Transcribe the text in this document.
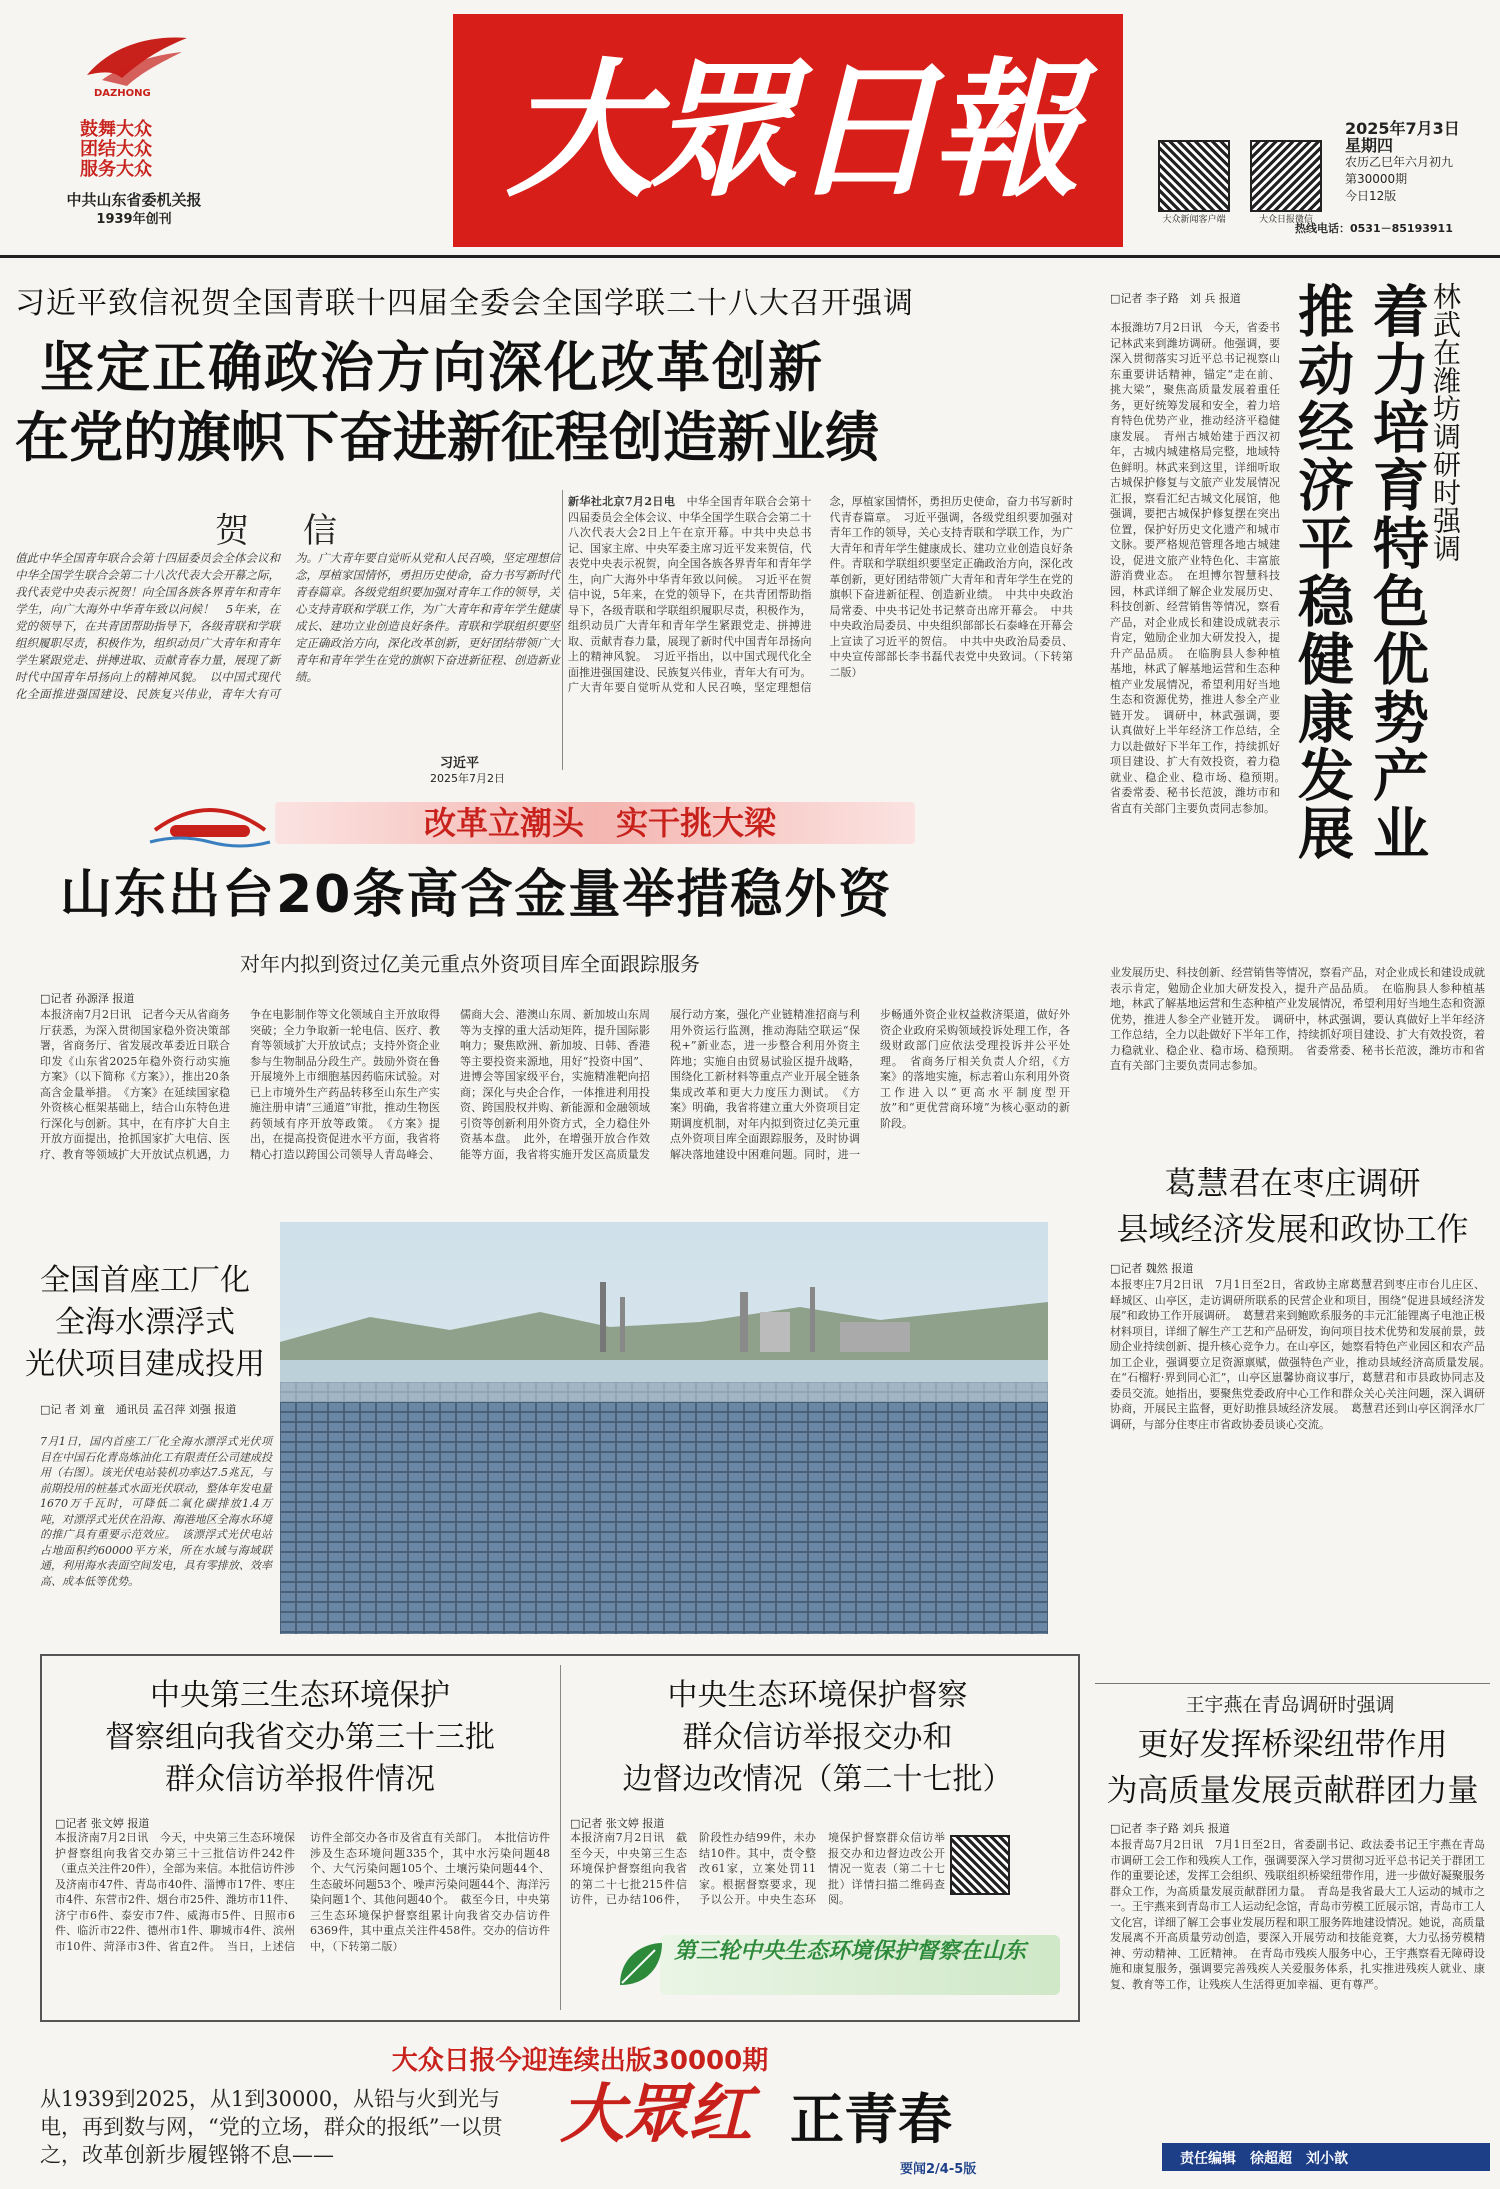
DAZHONG
鼓舞大众
团结大众
服务大众
中共山东省委机关报
1939年创刊
大眾日報
大众新闻客户端	大众日报微信
2025年7月3日
星期四
农历乙巳年六月初九
第30000期
今日12版
热线电话：0531－85193911
习近平致信祝贺全国青联十四届全委会全国学联二十八大召开强调
坚定正确政治方向深化改革创新
在党的旗帜下奋进新征程创造新业绩
贺　信
值此中华全国青年联合会第十四届委员会全体会议和中华全国学生联合会第二十八次代表大会开幕之际，我代表党中央表示祝贺！向全国各族各界青年和青年学生，向广大海外中华青年致以问候！　5年来，在党的领导下，在共青团帮助指导下，各级青联和学联组织履职尽责，积极作为，组织动员广大青年和青年学生紧跟党走、拼搏进取、贡献青春力量，展现了新时代中国青年昂扬向上的精神风貌。　以中国式现代化全面推进强国建设、民族复兴伟业，青年大有可为。广大青年要自觉听从党和人民召唤，坚定理想信念，厚植家国情怀，勇担历史使命，奋力书写新时代青春篇章。各级党组织要加强对青年工作的领导，关心支持青联和学联工作，为广大青年和青年学生健康成长、建功立业创造良好条件。青联和学联组织要坚定正确政治方向，深化改革创新，更好团结带领广大青年和青年学生在党的旗帜下奋进新征程、创造新业绩。
习近平
2025年7月2日
新华社北京7月2日电　中华全国青年联合会第十四届委员会全体会议、中华全国学生联合会第二十八次代表大会2日上午在京开幕。中共中央总书记、国家主席、中央军委主席习近平发来贺信，代表党中央表示祝贺，向全国各族各界青年和青年学生，向广大海外中华青年致以问候。　习近平在贺信中说，5年来，在党的领导下，在共青团帮助指导下，各级青联和学联组织履职尽责，积极作为，组织动员广大青年和青年学生紧跟党走、拼搏进取、贡献青春力量，展现了新时代中国青年昂扬向上的精神风貌。　习近平指出，以中国式现代化全面推进强国建设、民族复兴伟业，青年大有可为。广大青年要自觉听从党和人民召唤，坚定理想信念，厚植家国情怀，勇担历史使命，奋力书写新时代青春篇章。　习近平强调，各级党组织要加强对青年工作的领导，关心支持青联和学联工作，为广大青年和青年学生健康成长、建功立业创造良好条件。青联和学联组织要坚定正确政治方向，深化改革创新，更好团结带领广大青年和青年学生在党的旗帜下奋进新征程、创造新业绩。　中共中央政治局常委、中央书记处书记蔡奇出席开幕会。　中共中央政治局委员、中央组织部部长石泰峰在开幕会上宣读了习近平的贺信。　中共中央政治局委员、中央宣传部部长李书磊代表党中央致词。（下转第二版）
改革立潮头　实干挑大梁
山东出台20条高含金量举措稳外资
对年内拟到资过亿美元重点外资项目库全面跟踪服务
□记者 孙源泽 报道
本报济南7月2日讯　记者今天从省商务厅获悉，为深入贯彻国家稳外资决策部署，省商务厅、省发展改革委近日联合印发《山东省2025年稳外资行动实施方案》（以下简称《方案》），推出20条高含金量举措。　《方案》在延续国家稳外资核心框架基础上，结合山东特色进行深化与创新。其中，在有序扩大自主开放方面提出，抢抓国家扩大电信、医疗、教育等领域扩大开放试点机遇，力争在电影制作等文化领域自主开放取得突破；全力争取新一轮电信、医疗、教育等领域扩大开放试点；支持外资企业参与生物制品分段生产。鼓励外资在鲁开展境外上市细胞基因药临床试验。对已上市境外生产药品转移至山东生产实施注册申请“三通道”审批，推动生物医药领域有序开放等政策。　《方案》提出，在提高投资促进水平方面，我省将精心打造以跨国公司领导人青岛峰会、儒商大会、港澳山东周、新加坡山东周等为支撑的重大活动矩阵，提升国际影响力；聚焦欧洲、新加坡、日韩、香港等主要投资来源地，用好“投资中国”、进博会等国家级平台，实施精准靶向招商；深化与央企合作，一体推进利用投资、跨国股权并购、新能源和金融领域引资等创新利用外资方式，全力稳住外资基本盘。　此外，在增强开放合作效能等方面，我省将实施开发区高质量发展行动方案，强化产业链精准招商与利用外资运行监测，推动海陆空联运“保税+”新业态，进一步整合利用外资主阵地；实施自由贸易试验区提升战略，围绕化工新材料等重点产业开展全链条集成改革和更大力度压力测试。　《方案》明确，我省将建立重大外资项目定期调度机制，对年内拟到资过亿美元重点外资项目库全面跟踪服务，及时协调解决落地建设中困难问题。同时，进一步畅通外资企业权益救济渠道，做好外资企业政府采购领域投诉处理工作，各级财政部门应依法受理投诉并公平处理。　省商务厅相关负责人介绍，《方案》的落地实施，标志着山东利用外资工作进入以“更高水平制度型开放”和“更优营商环境”为核心驱动的新阶段。
全国首座工厂化
全海水漂浮式
光伏项目建成投用
□记 者 刘 童　通讯员 孟召萍 刘强 报道
7月1日，国内首座工厂化全海水漂浮式光伏项目在中国石化青岛炼油化工有限责任公司建成投用（右图）。该光伏电站装机功率达7.5兆瓦，与前期投用的桩基式水面光伏联动，整体年发电量1670万千瓦时，可降低二氧化碳排放1.4万吨，对漂浮式光伏在沿海、海港地区全海水环境的推广具有重要示范效应。　该漂浮式光伏电站占地面积约60000平方米，所在水域与海域联通，利用海水表面空间发电，具有零排放、效率高、成本低等优势。
林武在潍坊调研时强调
着力培育特色优势产业
推动经济平稳健康发展
□记者 李子路　刘 兵 报道
本报潍坊7月2日讯　今天，省委书记林武来到潍坊调研。他强调，要深入贯彻落实习近平总书记视察山东重要讲话精神，锚定“走在前、挑大梁”，聚焦高质量发展着重任务，更好统筹发展和安全，着力培育特色优势产业，推动经济平稳健康发展。　青州古城始建于西汉初年，古城内城建格局完整，地域特色鲜明。林武来到这里，详细听取古城保护修复与文旅产业发展情况汇报，察看汇纪古城文化展馆，他强调，要把古城保护修复摆在突出位置，保护好历史文化遗产和城市文脉。要严格规范管理各地古城建设，促进文旅产业特色化、丰富旅游消费业态。　在坦博尔智慧科技园，林武详细了解企业发展历史、科技创新、经营销售等情况，察看产品，对企业成长和建设成就表示肯定，勉励企业加大研发投入，提升产品品质。　在临朐县人参种植基地，林武了解基地运营和生态种植产业发展情况，希望利用好当地生态和资源优势，推进人参全产业链开发。　调研中，林武强调，要认真做好上半年经济工作总结，全力以赴做好下半年工作，持续抓好项目建设、扩大有效投资，着力稳就业、稳企业、稳市场、稳预期。　省委常委、秘书长范波，潍坊市和省直有关部门主要负责同志参加。
业发展历史、科技创新、经营销售等情况，察看产品，对企业成长和建设成就表示肯定，勉励企业加大研发投入，提升产品品质。　在临朐县人参种植基地，林武了解基地运营和生态种植产业发展情况，希望利用好当地生态和资源优势，推进人参全产业链开发。　调研中，林武强调，要认真做好上半年经济工作总结，全力以赴做好下半年工作，持续抓好项目建设、扩大有效投资，着力稳就业、稳企业、稳市场、稳预期。　省委常委、秘书长范波，潍坊市和省直有关部门主要负责同志参加。
葛慧君在枣庄调研
县域经济发展和政协工作
□记者 魏然 报道
本报枣庄7月2日讯　7月1日至2日，省政协主席葛慧君到枣庄市台儿庄区、峄城区、山亭区，走访调研所联系的民营企业和项目，围绕“促进县域经济发展”和政协工作开展调研。　葛慧君来到鲍欧系服务的丰元汇能锂离子电池正极材料项目，详细了解生产工艺和产品研发，询问项目技术优势和发展前景，鼓励企业持续创新、提升核心竞争力。在山亭区，她察看特色产业园区和农产品加工企业，强调要立足资源禀赋，做强特色产业，推动县域经济高质量发展。　在“石榴籽·界到同心汇”，山亭区崽馨协商议事厅，葛慧君和市县政协同志及委员交流。她指出，要聚焦党委政府中心工作和群众关心关注问题，深入调研协商，开展民主监督，更好助推县域经济发展。　葛慧君还到山亭区润泽水厂调研，与部分住枣庄市省政协委员谈心交流。
王宇燕在青岛调研时强调
更好发挥桥梁纽带作用
为高质量发展贡献群团力量
□记者 李子路 刘兵 报道
本报青岛7月2日讯　7月1日至2日，省委副书记、政法委书记王宇燕在青岛市调研工会工作和残疾人工作，强调要深入学习贯彻习近平总书记关于群团工作的重要论述，发挥工会组织、残联组织桥梁纽带作用，进一步做好凝聚服务群众工作，为高质量发展贡献群团力量。　青岛是我省最大工人运动的城市之一。王宇燕来到青岛市工人运动纪念馆，青岛市劳模工匠展示馆，青岛市工人文化宫，详细了解工会事业发展历程和职工服务阵地建设情况。她说，高质量发展离不开高质量劳动创造，要深入开展劳动和技能竞赛，大力弘扬劳模精神、劳动精神、工匠精神。　在青岛市残疾人服务中心，王宇燕察看无障碍设施和康复服务，强调要完善残疾人关爱服务体系，扎实推进残疾人就业、康复、教育等工作，让残疾人生活得更加幸福、更有尊严。
中央第三生态环境保护
督察组向我省交办第三十三批
群众信访举报件情况
□记者 张文婷 报道
本报济南7月2日讯　今天，中央第三生态环境保护督察组向我省交办第三十三批信访件242件（重点关注件20件），全部为来信。本批信访件涉及济南市47件、青岛市40件、淄博市17件、枣庄市4件、东营市2件、烟台市25件、潍坊市11件、济宁市6件、泰安市7件、威海市5件、日照市6件、临沂市22件、德州市1件、聊城市4件、滨州市10件、菏泽市3件、省直2件。　当日，上述信访件全部交办各市及省直有关部门。　本批信访件涉及生态环境问题335个，其中水污染问题48个、大气污染问题105个、土壤污染问题44个、生态破坏问题53个、噪声污染问题44个、海洋污染问题1个、其他问题40个。　截至今日，中央第三生态环境保护督察组累计向我省交办信访件6369件，其中重点关注件458件。交办的信访件中，（下转第二版）
中央生态环境保护督察
群众信访举报交办和
边督边改情况（第二十七批）
□记者 张文婷 报道
本报济南7月2日讯　截至今天，中央第三生态环境保护督察组向我省的第二十七批215件信访件，已办结106件，阶段性办结99件，未办结10件。其中，责令整改61家，立案处罚11家。根据督察要求，现予以公开。中央生态环境保护督察群众信访举报交办和边督边改公开情况一览表（第二十七批）详情扫描二维码查阅。
第三轮中央生态环境保护督察在山东
大众日报今迎连续出版30000期
从1939到2025，从1到30000，从铅与火到光与电，再到数与网，“党的立场，群众的报纸”一以贯之，改革创新步履铿锵不息——
大眾红 正青春
要闻2/4-5版
责任编辑　徐超超　刘小歆
